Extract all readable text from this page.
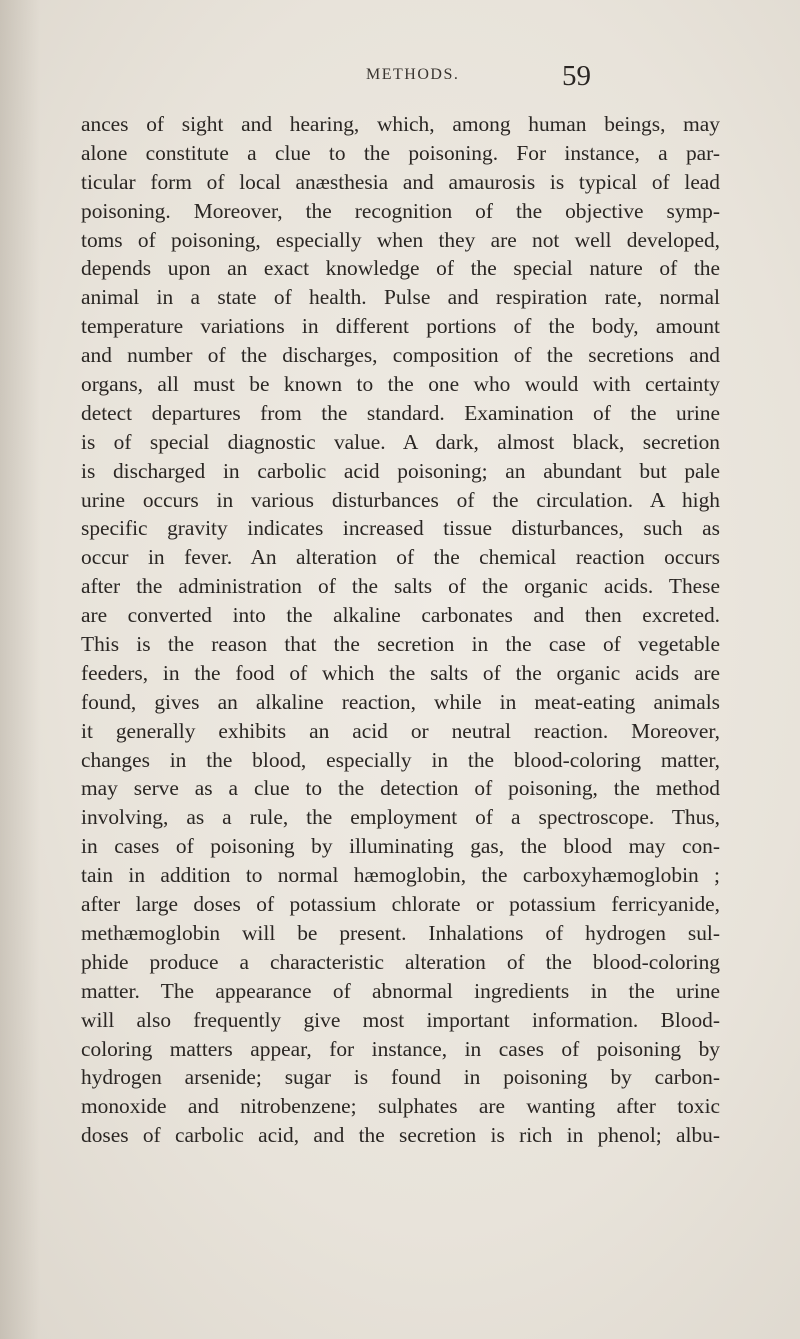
METHODS.	59
ances of sight and hearing, which, among human beings, may
alone constitute a clue to the poisoning. For instance, a par-
ticular form of local anæsthesia and amaurosis is typical of lead
poisoning. Moreover, the recognition of the objective symp-
toms of poisoning, especially when they are not well developed,
depends upon an exact knowledge of the special nature of the
animal in a state of health. Pulse and respiration rate, normal
temperature variations in different portions of the body, amount
and number of the discharges, composition of the secretions and
organs, all must be known to the one who would with certainty
detect departures from the standard. Examination of the urine
is of special diagnostic value. A dark, almost black, secretion
is discharged in carbolic acid poisoning; an abundant but pale
urine occurs in various disturbances of the circulation. A high
specific gravity indicates increased tissue disturbances, such as
occur in fever. An alteration of the chemical reaction occurs
after the administration of the salts of the organic acids. These
are converted into the alkaline carbonates and then excreted.
This is the reason that the secretion in the case of vegetable
feeders, in the food of which the salts of the organic acids are
found, gives an alkaline reaction, while in meat-eating animals
it generally exhibits an acid or neutral reaction. Moreover,
changes in the blood, especially in the blood-coloring matter,
may serve as a clue to the detection of poisoning, the method
involving, as a rule, the employment of a spectroscope. Thus,
in cases of poisoning by illuminating gas, the blood may con-
tain in addition to normal hæmoglobin, the carboxyhæmoglobin ;
after large doses of potassium chlorate or potassium ferricyanide,
methæmoglobin will be present. Inhalations of hydrogen sul-
phide produce a characteristic alteration of the blood-coloring
matter. The appearance of abnormal ingredients in the urine
will also frequently give most important information. Blood-
coloring matters appear, for instance, in cases of poisoning by
hydrogen arsenide; sugar is found in poisoning by carbon-
monoxide and nitrobenzene; sulphates are wanting after toxic
doses of carbolic acid, and the secretion is rich in phenol; albu-
